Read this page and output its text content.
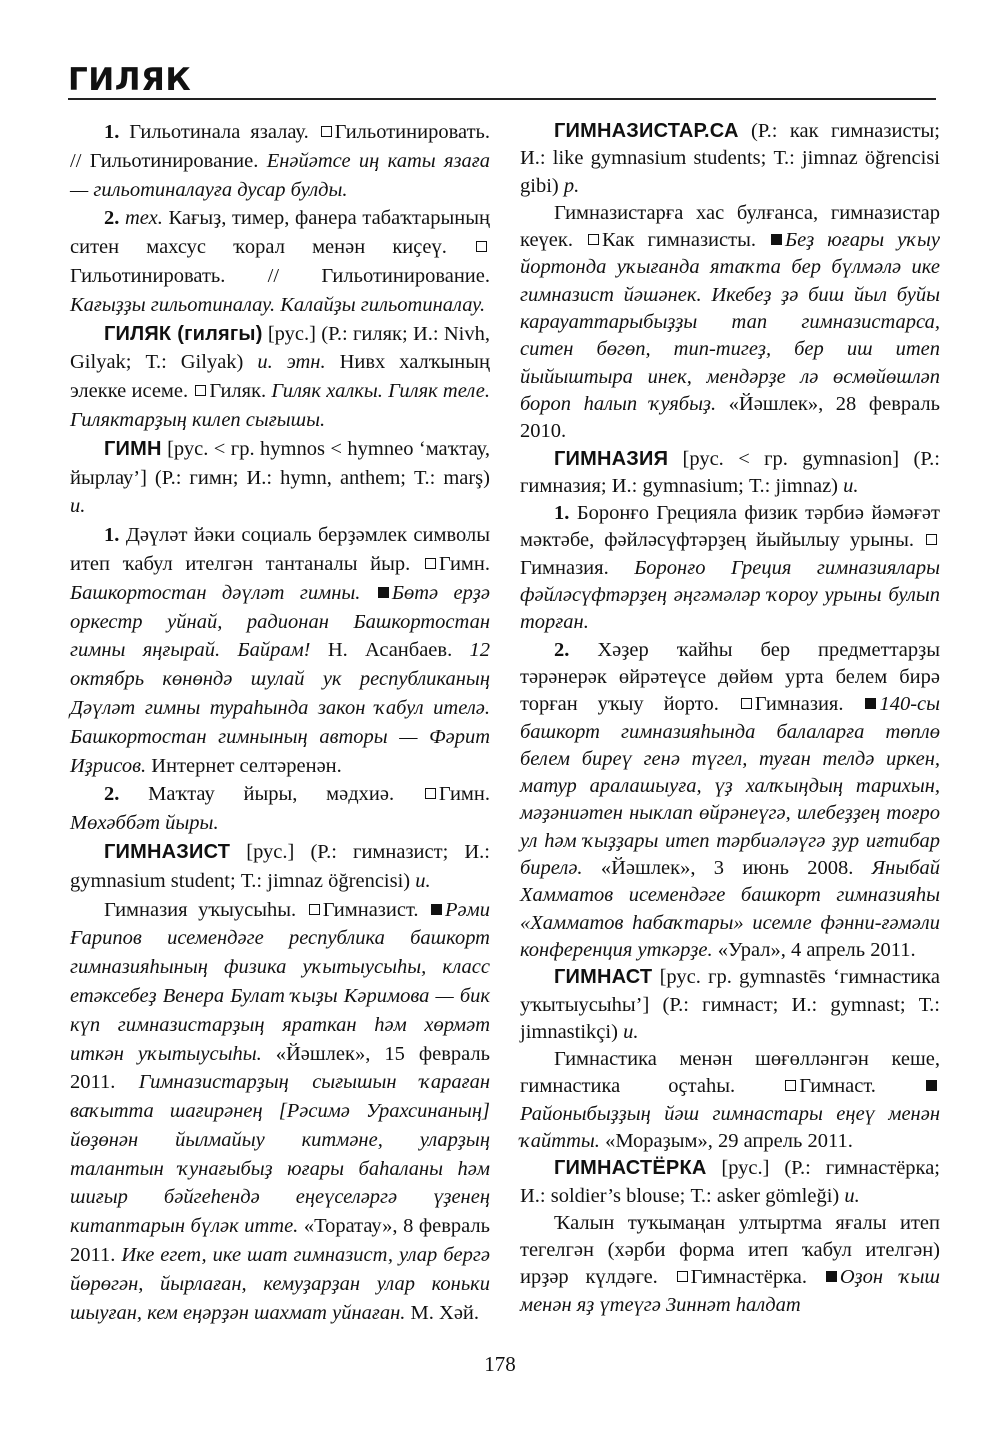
ГИЛЯК

1. Гильотинала язалау. Гильотинировать. // Гильотинирование. Енәйәтсе иң каты язаға — гильотиналауға дусар булды.

2. тех. Кағыҙ, тимер, фанера табаҡтарының ситен махсус ҡорал менән киҫеү. Гильотинировать. // Гильотинирование. Кағыҙҙы гильотиналау. Калайҙы гильотиналау.

ГИЛЯК (гилягы) [рус.] (Р.: гиляк; И.: Nivh, Gilyak; Т.: Gilyak) и. этн. Нивх халҡының элекке исеме. Гиляк. Гиляк халкы. Гиляк теле. Гиляктарҙың килеп сығышы.

ГИМН [рус. < гр. hymnos < hymneo ‘маҡтау, йырлау’] (Р.: гимн; И.: hymn, anthem; Т.: marş) и.

1. Дәүләт йәки социаль берҙәмлек символы итеп ҡабул ителгән тантаналы йыр. Гимн. Башкортостан дәүләт гимны. Бөтә ерҙә оркестр уйнай, радионан Башкортостан гимны яңғырай. Байрам! Н. Асанбаев. 12 октябрь көнөндә шулай ук республиканың Дәүләт гимны тураһында закон ҡабул ителә. Башкортостан гимнының авторы — Фәрит Иҙрисов. Интернет селтәренән.

2. Маҡтау йыры, мәдхиә. Гимн. Мөхәббәт йыры.

ГИМНАЗИСТ [рус.] (Р.: гимназист; И.: gymnasium student; Т.: jimnaz öğrencisi) и.

Гимназия уҡыусыһы. Гимназист. Рәми Ғарипов исемендәге республика башкорт гимназияһының физика уҡытыусыһы, класс етәксебеҙ Венера Булат ҡыҙы Кәримова — бик күп гимназистарҙың яраткан һәм хөрмәт иткән уҡытыусыһы. «Йәшлек», 15 февраль 2011. Гимназистарҙың сығышын ҡараған ваҡытта шағирәнең [Рәсимә Урахсинаның] йөҙөнән йылмайыу китмәне, уларҙың талантын ҡунағыбыҙ юғары баһаланы һәм шиғыр бәйгеһендә еңеүселәргә үҙенең китаптарын бүләк итте. «Торатау», 8 февраль 2011. Ике егет, ике шат гимназист, улар бергә йөрөгән, йырлаған, кемуҙарҙан улар коньки шыуған, кем еңәрҙән шахмат уйнаған. М. Хәй.

ГИМНАЗИСТАР.СА (Р.: как гимназисты; И.: like gymnasium students; Т.: jimnaz öğrencisi gibi) р.

Гимназистарға хас булғанса, гимназистар кеүек. Как гимназисты. Беҙ юғары уҡыу йортонда уҡығанда ятаҡта бер бүлмәлә ике гимназист йәшәнек. Икебеҙ ҙә биш йыл буйы карауаттарыбыҙҙы тап гимназистарса, ситен бөгөп, тип-тигеҙ, бер иш итеп йыйыштыра инек, мендәрҙе лә өсмөйөшләп бороп һалып ҡуябыҙ. «Йәшлек», 28 февраль 2010.

ГИМНАЗИЯ [рус. < гр. gymnasion] (Р.: гимназия; И.: gymnasium; Т.: jimnaz) и.

1. Боронғо Грецияла физик тәрбиә йәмәғәт мәктәбе, фәйләсүфтәрҙең йыйылыу урыны. Гимназия. Боронғо Греция гимназиялары фәйләсүфтәрҙең әңгәмәләр ҡороу урыны булып торған.

2. Хәҙер ҡайһы бер предметтарҙы тәрәнерәк өйрәтеүсе дөйөм урта белем бирә торған уҡыу йорто. Гимназия. 140-сы башкорт гимназияһында балаларға төплө белем биреү генә түгел, туған телдә иркен, матур аралашыуға, үҙ халҡыңдың тарихын, мәҙәниәтен ныклап өйрәнеүгә, илебеҙҙең тоғро ул һәм ҡыҙҙары итеп тәрбиәләүгә ҙур иғтибар бирелә. «Йәшлек», 3 июнь 2008. Яныбай Хамматов исемендәге башкорт гимназияһы «Хамматов һабаҡтары» исемле фәнни-ғәмәли конференция уткәрҙе. «Урал», 4 апрель 2011.

ГИМНАСТ [рус. гр. gymnastēs ‘гимнастика уҡытыусыһы’] (Р.: гимнаст; И.: gymnast; Т.: jimnastikçi) и.

Гимнастика менән шөғөлләнгән кеше, гимнастика оҫтаһы.	Гимнаст. Районыбыҙҙың йәш гимнастары еңеү менән ҡайтты. «Мораҙым», 29 апрель 2011.

ГИМНАСТЁРКА [рус.] (Р.: гимнастёрка; И.: soldier’s blouse; Т.: asker gömleği) и.

Ҡалын туҡымаңан ултыртма яғалы итеп тегелгән (хәрби форма итеп ҡабул ителгән) ирҙәр күлдәге. Гимнастёрка. Оҙон ҡыш менән яҙ үтеүгә Зиннәт һалдат

178
